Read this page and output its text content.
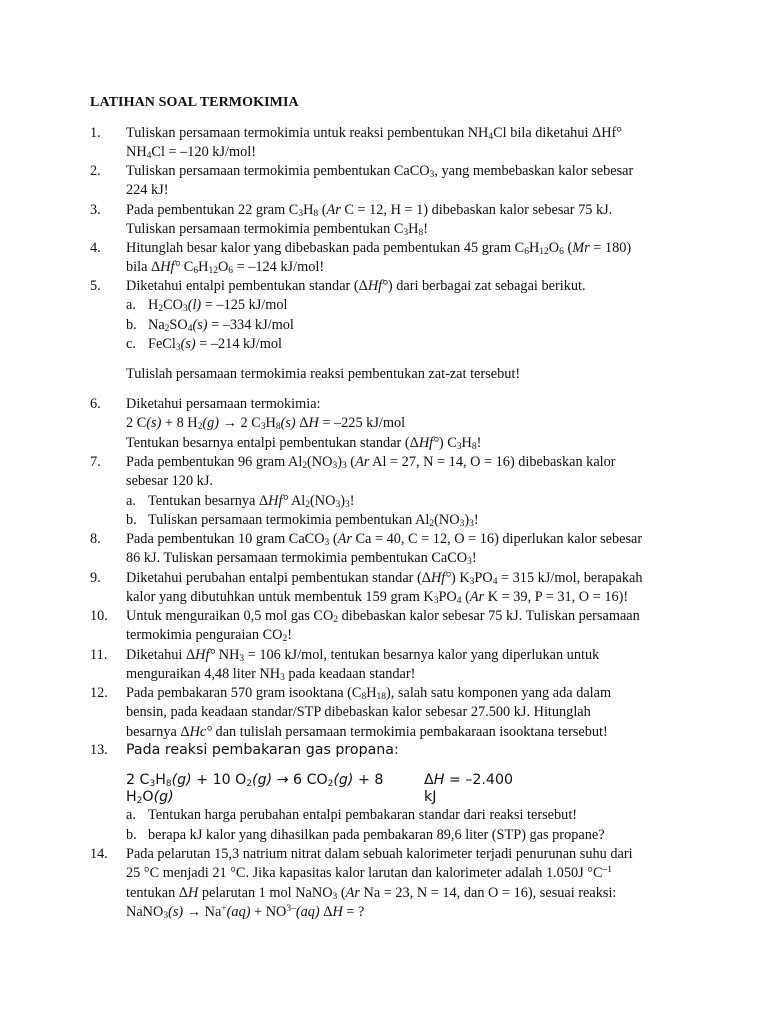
LATIHAN SOAL TERMOKIMIA
1.	Tuliskan persamaan termokimia untuk reaksi pembentukan $NH_4Cl$ bila diketahui ΔHf°
$NH_4Cl = -120$ kJ/mol!
2.	Tuliskan persamaan termokimia pembentukan CaCO$_3$, yang membebaskan kalor sebesar
224 kJ!
3.	Pada pembentukan 22 gram $C_3H_8$ (Ar C = 12, H = 1) dibebaskan kalor sebesar 75 kJ.
Tuliskan persamaan termokimia pembentukan $C_3H_8$!
4.	Hitunglah besar kalor yang dibebaskan pada pembentukan 45 gram $C_6H_{12}O_6$ (Mr = 180)
bila ΔHf° $C_6H_{12}O_6 = -124$ kJ/mol!
5.	Diketahui entalpi pembentukan standar (ΔHf°) dari berbagai zat sebagai berikut.
a. $H_2CO_3(l) = -125$ kJ/mol
b. $Na_2SO_4(s) = -334$ kJ/mol
c. FeCl$_3$(s) = –214 kJ/mol
Tulislah persamaan termokimia reaksi pembentukan zat-zat tersebut!
6.	Diketahui persamaan termokimia:
2 C(s) + 8 $H_2(g) \to 2$ $C_3H_8(s) \Delta H = -225$ kJ/mol
Tentukan besarnya entalpi pembentukan standar (ΔHf°) $C_3H_8$!
7.	Pada pembentukan 96 gram $Al_2(NO_3)_3$ (Ar Al = 27, N = 14, O = 16) dibebaskan kalor
sebesar 120 kJ.
a. Tentukan besarnya ΔHf° $Al_2(NO_3)_3$!
b. Tuliskan persamaan termokimia pembentukan $Al_2(NO_3)_3$!
8.	Pada pembentukan 10 gram CaCO$_3$ (Ar Ca = 40, C = 12, O = 16) diperlukan kalor sebesar
86 kJ. Tuliskan persamaan termokimia pembentukan CaCO$_3$!
9.	Diketahui perubahan entalpi pembentukan standar (ΔHf°) $K_3PO_4 = 315$ kJ/mol, berapakah
kalor yang dibutuhkan untuk membentuk 159 gram $K_3PO_4$ (Ar K = 39, P = 31, O = 16)!
10.	Untuk menguraikan 0,5 mol gas $CO_2$ dibebaskan kalor sebesar 75 kJ. Tuliskan persamaan
termokimia penguraian $CO_2$!
11.	Diketahui ΔHf° $NH_3 = 106$ kJ/mol, tentukan besarnya kalor yang diperlukan untuk
menguraikan 4,48 liter $NH_3$ pada keadaan standar!
12.	Pada pembakaran 570 gram isooktana $(C_8H_{18})$, salah satu komponen yang ada dalam
bensin, pada keadaan standar/STP dibebaskan kalor sebesar 27.500 kJ. Hitunglah
besarnya ΔHc° dan tulislah persamaan termokimia pembakaraan isooktana tersebut!
13.	Pada reaksi pembakaran gas propana:
2 $C_3H_8(g) + 10$ $O_2(g) \to 6$ $CO_2(g) + 8$
$H_2O(g)$
ΔH = –2.400
kJ
a. Tentukan harga perubahan entalpi pembakaran standar dari reaksi tersebut!
b. berapa kJ kalor yang dihasilkan pada pembakaran 89,6 liter (STP) gas propane?
14.	Pada pelarutan 15,3 natrium nitrat dalam sebuah kalorimeter terjadi penurunan suhu dari
25 °C menjadi 21 °C. Jika kapasitas kalor larutan dan kalorimeter adalah 1.050J $^\circ C^{-1}$
tentukan ΔH pelarutan 1 mol NaNO$_3$ (Ar Na = 23, N = 14, dan O = 16), sesuai reaksi:
NaNO$_3$(s) → $Na^+(aq) + NO^{3-}(aq) \Delta H$ = ?
